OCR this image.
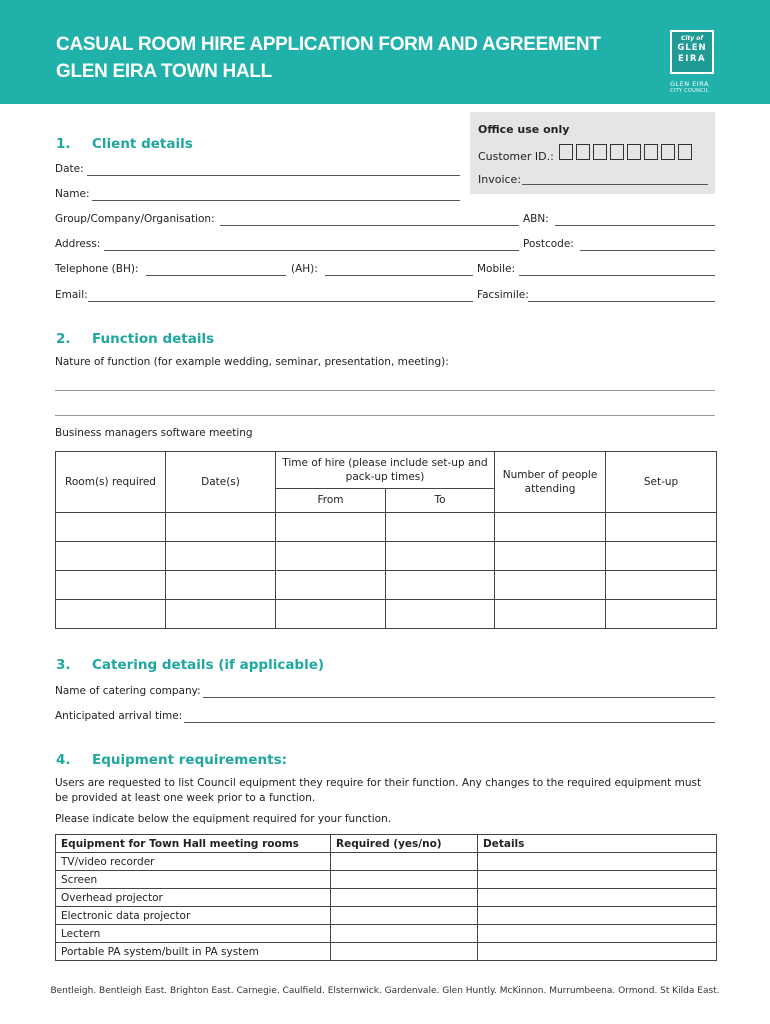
CASUAL ROOM HIRE APPLICATION FORM AND AGREEMENT
GLEN EIRA TOWN HALL
City of
GLEN
EIRA
GLEN EIRA
CITY COUNCIL
Office use only
Customer ID.:
Invoice:
1. Client details
Date:
Name:
Group/Company/Organisation:	ABN:
Address:	Postcode:
Telephone (BH):	(AH):	Mobile:
Email:	Facsimile:
2. Function details
Nature of function (for example wedding, seminar, presentation, meeting):
Business managers software meeting
Room(s) required	Date(s)	Time of hire (please include set-up and pack-up times)		Number of people attending	Set-up
		From	To		

3. Catering details (if applicable)
Name of catering company:
Anticipated arrival time:
4. Equipment requirements:
Users are requested to list Council equipment they require for their function. Any changes to the required equipment must
be provided at least one week prior to a function.
Please indicate below the equipment required for your function.
Equipment for Town Hall meeting rooms	Required (yes/no)	Details
TV/video recorder		
Screen		
Overhead projector		
Electronic data projector		
Lectern		
Portable PA system/built in PA system		
Bentleigh. Bentleigh East. Brighton East. Carnegie. Caulfield. Elsternwick. Gardenvale. Glen Huntly. McKinnon. Murrumbeena. Ormond. St Kilda East.
